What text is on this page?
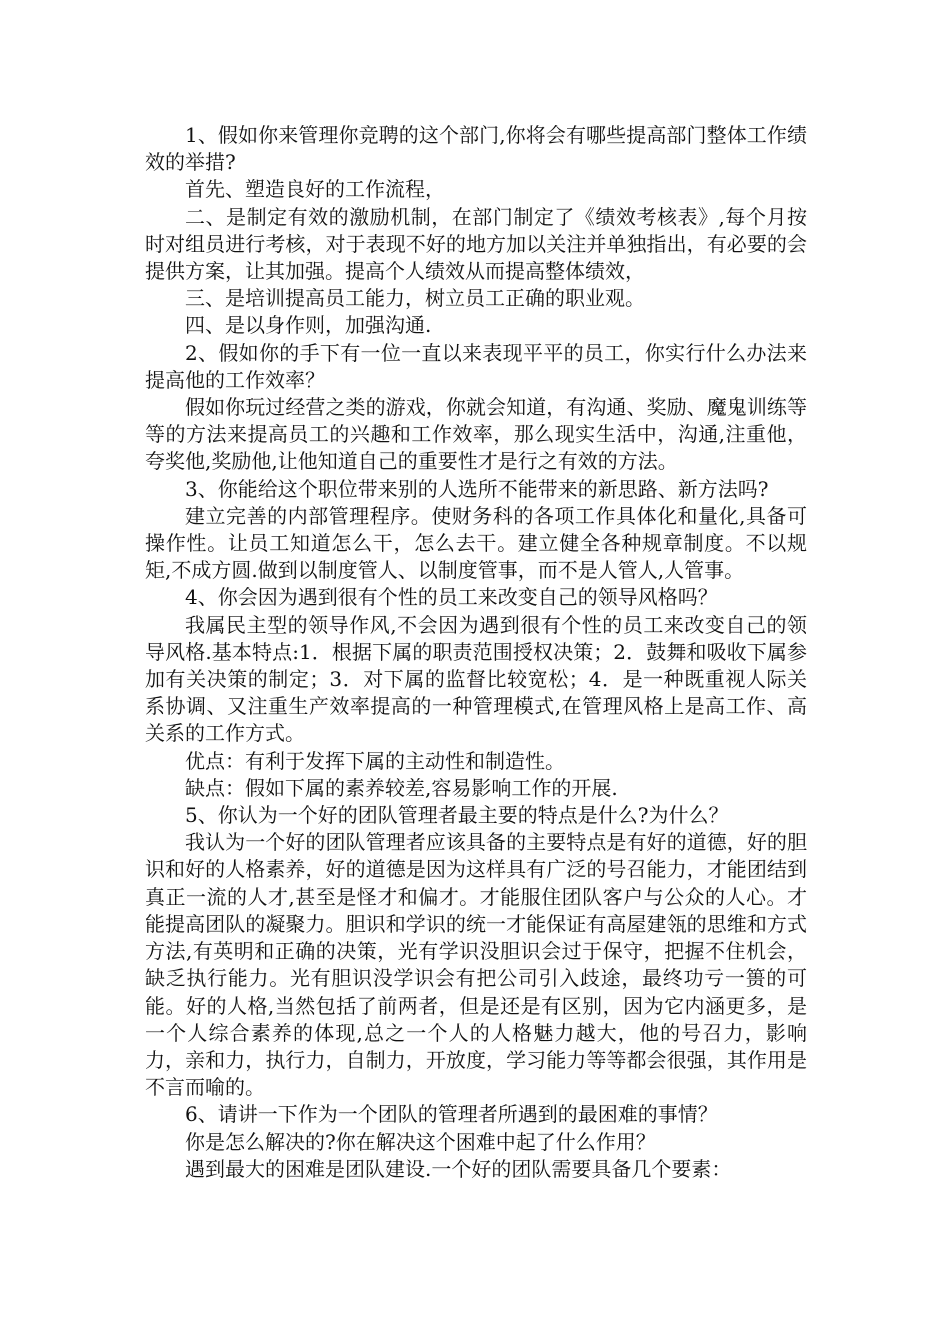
1、假如你来管理你竞聘的这个部门,你将会有哪些提高部门整体工作绩效的举措?

首先、塑造良好的工作流程，

二、是制定有效的激励机制，在部门制定了《绩效考核表》,每个月按时对组员进行考核，对于表现不好的地方加以关注并单独指出，有必要的会提供方案，让其加强。提高个人绩效从而提高整体绩效，

三、是培训提高员工能力，树立员工正确的职业观。

四、是以身作则，加强沟通.

2、假如你的手下有一位一直以来表现平平的员工，你实行什么办法来提高他的工作效率？

假如你玩过经营之类的游戏，你就会知道，有沟通、奖励、魔鬼训练等等的方法来提高员工的兴趣和工作效率，那么现实生活中，沟通,注重他，夸奖他,奖励他,让他知道自己的重要性才是行之有效的方法。

3、你能给这个职位带来别的人选所不能带来的新思路、新方法吗?

建立完善的内部管理程序。使财务科的各项工作具体化和量化,具备可操作性。让员工知道怎么干，怎么去干。建立健全各种规章制度。不以规矩,不成方圆.做到以制度管人、以制度管事，而不是人管人,人管事。

4、你会因为遇到很有个性的员工来改变自己的领导风格吗？

我属民主型的领导作风,不会因为遇到很有个性的员工来改变自己的领导风格.基本特点:1．根据下属的职责范围授权决策；2．鼓舞和吸收下属参加有关决策的制定；3．对下属的监督比较宽松；4．是一种既重视人际关系协调、又注重生产效率提高的一种管理模式,在管理风格上是高工作、高关系的工作方式。

优点：有利于发挥下属的主动性和制造性。

缺点：假如下属的素养较差,容易影响工作的开展.

5、你认为一个好的团队管理者最主要的特点是什么?为什么？

我认为一个好的团队管理者应该具备的主要特点是有好的道德，好的胆识和好的人格素养，好的道德是因为这样具有广泛的号召能力，才能团结到真正一流的人才,甚至是怪才和偏才。才能服住团队客户与公众的人心。才能提高团队的凝聚力。胆识和学识的统一才能保证有高屋建瓴的思维和方式方法,有英明和正确的决策，光有学识没胆识会过于保守，把握不住机会，缺乏执行能力。光有胆识没学识会有把公司引入歧途，最终功亏一篑的可能。好的人格,当然包括了前两者，但是还是有区别，因为它内涵更多，是一个人综合素养的体现,总之一个人的人格魅力越大，他的号召力，影响力，亲和力，执行力，自制力，开放度，学习能力等等都会很强，其作用是不言而喻的。

6、请讲一下作为一个团队的管理者所遇到的最困难的事情？

你是怎么解决的?你在解决这个困难中起了什么作用？

遇到最大的困难是团队建设.一个好的团队需要具备几个要素：
